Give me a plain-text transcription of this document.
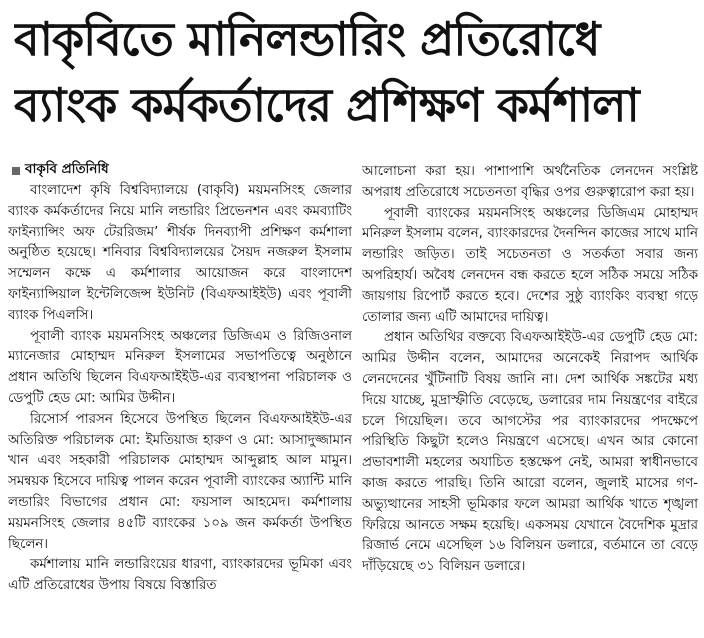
বাকৃবিতে মানিলন্ডারিং প্রতিরোধে
ব্যাংক কর্মকর্তাদের প্রশিক্ষণ কর্মশালা
বাকৃবি প্রতিনিধি

বাংলাদেশ কৃষি বিশ্ববিদ্যালয়ে (বাকৃবি) ময়মনসিংহ জেলার ব্যাংক কর্মকর্তাদের নিয়ে মানি লন্ডারিং প্রিভেনশন এবং কমব্যাটিং ফাইন্যান্সিং অফ টেররিজম’ শীর্ষক দিনব্যাপী প্রশিক্ষণ কর্মশালা অনুষ্ঠিত হয়েছে। শনিবার বিশ্ববিদ্যালয়ের সৈয়দ নজরুল ইসলাম সম্মেলন কক্ষে এ কর্মশালার আয়োজন করে বাংলাদেশ ফাইন্যান্সিয়াল ইন্টেলিজেন্স ইউনিট (বিএফআইইউ) এবং পূবালী ব্যাংক পিএলসি।

পূবালী ব্যাংক ময়মনসিংহ অঞ্চলের ডিজিএম ও রিজিওনাল ম্যানেজার মোহাম্মদ মনিরুল ইসলামের সভাপতিত্বে অনুষ্ঠানে প্রধান অতিথি ছিলেন বিএফআইইউ-এর ব্যবস্থাপনা পরিচালক ও ডেপুটি হেড মো: আমির উদ্দীন।

রিসোর্স পারসন হিসেবে উপস্থিত ছিলেন বিএফআইইউ-এর অতিরিক্ত পরিচালক মো: ইমতিয়াজ হারুণ ও মো: আসাদুজ্জামান খান এবং সহকারী পরিচালক মোহাম্মদ আব্দুল্লাহ আল মামুন। সমন্বয়ক হিসেবে দায়িত্ব পালন করেন পূবালী ব্যাংকের অ্যান্টি মানি লন্ডারিং বিভাগের প্রধান মো: ফয়সাল আহমেদ। কর্মশালায় ময়মনসিংহ জেলার ৪৫টি ব্যাংকের ১০৯ জন কর্মকর্তা উপস্থিত ছিলেন।

কর্মশালায় মানি লন্ডারিংয়ের ধারণা, ব্যাংকারদের ভূমিকা এবং এটি প্রতিরোধের উপায় বিষয়ে বিস্তারিত

আলোচনা করা হয়। পাশাপাশি অর্থনৈতিক লেনদেন সংশ্লিষ্ট অপরাধ প্রতিরোধে সচেতনতা বৃদ্ধির ওপর গুরুত্বারোপ করা হয়।

পূবালী ব্যাংকের ময়মনসিংহ অঞ্চলের ডিজিএম মোহাম্মদ মনিরুল ইসলাম বলেন, ব্যাংকারদের দৈনন্দিন কাজের সাথে মানি লন্ডারিং জড়িত। তাই সচেতনতা ও সতর্কতা সবার জন্য অপরিহার্য। অবৈধ লেনদেন বন্ধ করতে হলে সঠিক সময়ে সঠিক জায়গায় রিপোর্ট করতে হবে। দেশের সুষ্ঠু ব্যাংকিং ব্যবস্থা গড়ে তোলার জন্য এটি আমাদের দায়িত্ব।

প্রধান অতিথির বক্তব্যে বিএফআইইউ-এর ডেপুটি হেড মো: আমির উদ্দীন বলেন, আমাদের অনেকেই নিরাপদ আর্থিক লেনদেনের খুঁটিনাটি বিষয় জানি না। দেশ আর্থিক সঙ্কটের মধ্য দিয়ে যাচ্ছে, মুদ্রাস্ফীতি বেড়েছে, ডলারের দাম নিয়ন্ত্রণের বাইরে চলে গিয়েছিল। তবে আগস্টের পর ব্যাংকারদের পদক্ষেপে পরিস্থিতি কিছুটা হলেও নিয়ন্ত্রণে এসেছে। এখন আর কোনো প্রভাবশালী মহলের অযাচিত হস্তক্ষেপ নেই, আমরা স্বাধীনভাবে কাজ করতে পারছি। তিনি আরো বলেন, জুলাই মাসের গণ-অভ্যুত্থানের সাহসী ভূমিকার ফলে আমরা আর্থিক খাতে শৃঙ্খলা ফিরিয়ে আনতে সক্ষম হয়েছি। একসময় যেখানে বৈদেশিক মুদ্রার রিজার্ভ নেমে এসেছিল ১৬ বিলিয়ন ডলারে, বর্তমানে তা বেড়ে দাঁড়িয়েছে ৩১ বিলিয়ন ডলারে।
